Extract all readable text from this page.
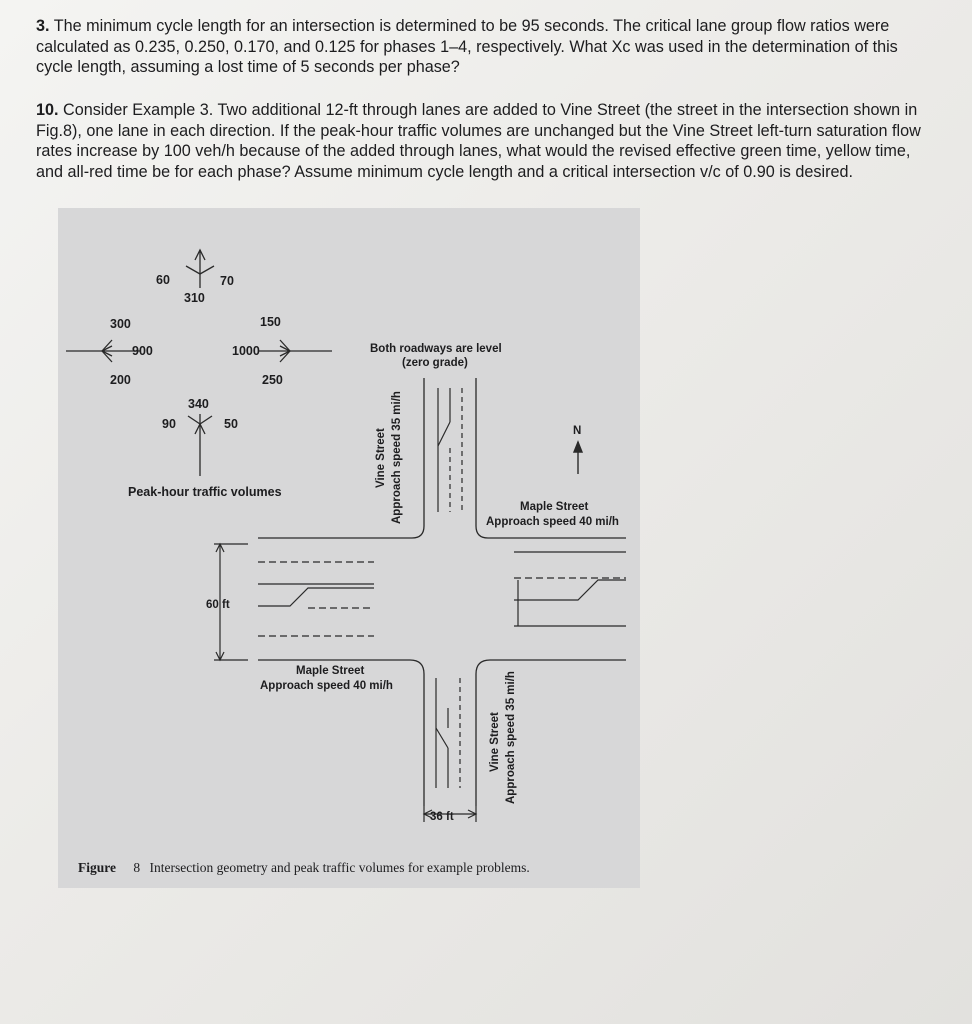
3. The minimum cycle length for an intersection is determined to be 95 seconds. The critical lane group flow ratios were calculated as 0.235, 0.250, 0.170, and 0.125 for phases 1–4, respectively. What Xc was used in the determination of this cycle length, assuming a lost time of 5 seconds per phase?

10. Consider Example 3. Two additional 12-ft through lanes are added to Vine Street (the street in the intersection shown in Fig.8), one lane in each direction. If the peak-hour traffic volumes are unchanged but the Vine Street left-turn saturation flow rates increase by 100 veh/h because of the added through lanes, what would the revised effective green time, yellow time, and all-red time be for each phase? Assume minimum cycle length and a critical intersection v/c of 0.90 is desired.

60	70
310
300
900
200
150
1000
250
340
90	50
Peak-hour traffic volumes
Both roadways are level
(zero grade)
N
Maple Street
Approach speed 40 mi/h
60 ft
Maple Street
Approach speed 40 mi/h
36 ft
Vine Street Approach speed 35 mi/h
Vine Street Approach speed 35 mi/h
Figure 8 Intersection geometry and peak traffic volumes for example problems.
